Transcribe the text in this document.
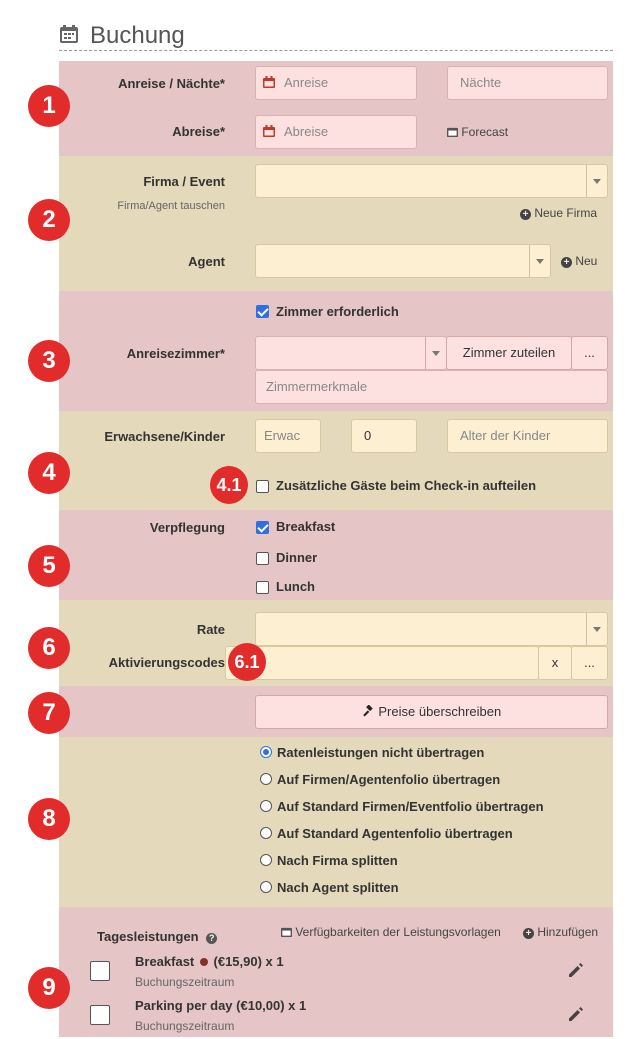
Buchung
Anreise / Nächte*	Anreise	Nächte
Abreise*	Abreise	Forecast
1
Firma / Event
Firma/Agent tauschen
+ Neue Firma
Agent	+ Neu
2
Zimmer erforderlich
Anreisezimmer*	Zimmer zuteilen	...
Zimmermerkmale
3
Erwachsene/Kinder	Erwac	0	Alter der Kinder
Zusätzliche Gäste beim Check-in aufteilen
4	4.1
Verpflegung	Breakfast
Dinner
Lunch
5
Rate
Aktivierungscodes	x	...
6
6.1
Preise überschreiben
7
Ratenleistungen nicht übertragen
Auf Firmen/Agentenfolio übertragen
Auf Standard Firmen/Eventfolio übertragen
Auf Standard Agentenfolio übertragen
Nach Firma splitten
Nach Agent splitten
8
Tagesleistungen ?	Verfügbarkeiten der Leistungsvorlagen + Hinzufügen
Breakfast (€15,90) x 1
Buchungszeitraum
Parking per day (€10,00) x 1
Buchungszeitraum
9
